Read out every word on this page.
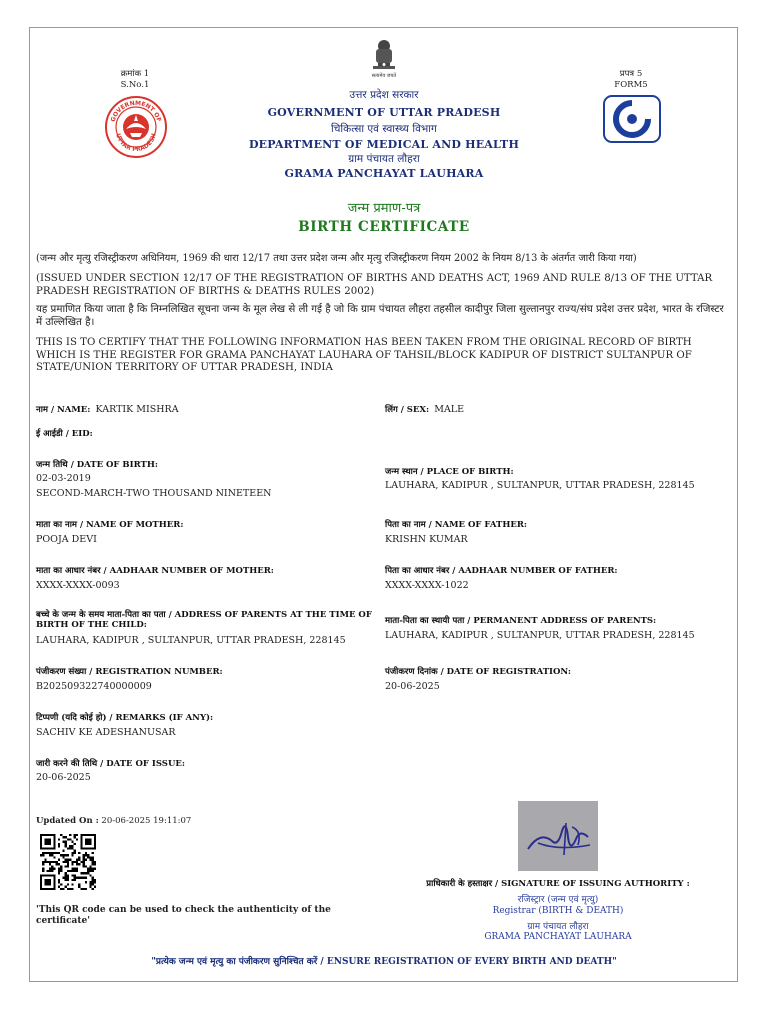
क्रमांक 1
S.No.1
GOVERNMENT OF
UTTAR PRADESH
सत्यमेव जयते	प्रपत्र 5
FORM5
उत्तर प्रदेश सरकार
GOVERNMENT OF UTTAR PRADESH
चिकित्सा एवं स्वास्थ्य विभाग
DEPARTMENT OF MEDICAL AND HEALTH
ग्राम पंचायत लौहरा
GRAMA PANCHAYAT LAUHARA
जन्म प्रमाण-पत्र
BIRTH CERTIFICATE
(जन्म और मृत्यु रजिस्ट्रीकरण अधिनियम, 1969 की धारा 12/17 तथा उत्तर प्रदेश जन्म और मृत्यु रजिस्ट्रीकरण नियम 2002 के नियम 8/13 के अंतर्गत जारी किया गया)
(ISSUED UNDER SECTION 12/17 OF THE REGISTRATION OF BIRTHS AND DEATHS ACT, 1969 AND RULE 8/13 OF THE UTTAR PRADESH REGISTRATION OF BIRTHS & DEATHS RULES 2002)
यह प्रमाणित किया जाता है कि निम्नलिखित सूचना जन्म के मूल लेख से ली गई है जो कि ग्राम पंचायत लौहरा तहसील कादीपुर जिला सुल्तानपुर राज्य/संघ प्रदेश उत्तर प्रदेश, भारत के रजिस्टर में उल्लिखित है।
THIS IS TO CERTIFY THAT THE FOLLOWING INFORMATION HAS BEEN TAKEN FROM THE ORIGINAL RECORD OF BIRTH WHICH IS THE REGISTER FOR GRAMA PANCHAYAT LAUHARA OF TAHSIL/BLOCK KADIPUR OF DISTRICT SULTANPUR OF STATE/UNION TERRITORY OF UTTAR PRADESH, INDIA
नाम / NAME: KARTIK MISHRA	लिंग / SEX: MALE
ई आईडी / EID:
जन्म तिथि / DATE OF BIRTH:
02-03-2019
SECOND-MARCH-TWO THOUSAND NINETEEN
जन्म स्थान / PLACE OF BIRTH:
LAUHARA, KADIPUR , SULTANPUR, UTTAR PRADESH, 228145
माता का नाम / NAME OF MOTHER:
POOJA DEVI
पिता का नाम / NAME OF FATHER:
KRISHN KUMAR
माता का आधार नंबर / AADHAAR NUMBER OF MOTHER:
XXXX-XXXX-0093
पिता का आधार नंबर / AADHAAR NUMBER OF FATHER:
XXXX-XXXX-1022
बच्चे के जन्म के समय माता-पिता का पता / ADDRESS OF PARENTS AT THE TIME OF BIRTH OF THE CHILD:
LAUHARA, KADIPUR , SULTANPUR, UTTAR PRADESH, 228145
माता-पिता का स्थायी पता / PERMANENT ADDRESS OF PARENTS:
LAUHARA, KADIPUR , SULTANPUR, UTTAR PRADESH, 228145
पंजीकरण संख्या / REGISTRATION NUMBER:
B202509322740000009
पंजीकरण दिनांक / DATE OF REGISTRATION:
20-06-2025
टिप्पणी (यदि कोई हो) / REMARKS (IF ANY):
SACHIV KE ADESHANUSAR
जारी करने की तिथि / DATE OF ISSUE:
20-06-2025
Updated On : 20-06-2025 19:11:07
'This QR code can be used to check the authenticity of the certificate'
प्राधिकारी के हस्ताक्षर / SIGNATURE OF ISSUING AUTHORITY :
रजिस्ट्रार (जन्म एवं मृत्यु)
Registrar (BIRTH & DEATH)
ग्राम पंचायत लौहरा
GRAMA PANCHAYAT LAUHARA
"प्रत्येक जन्म एवं मृत्यु का पंजीकरण सुनिश्चित करें / ENSURE REGISTRATION OF EVERY BIRTH AND DEATH"
